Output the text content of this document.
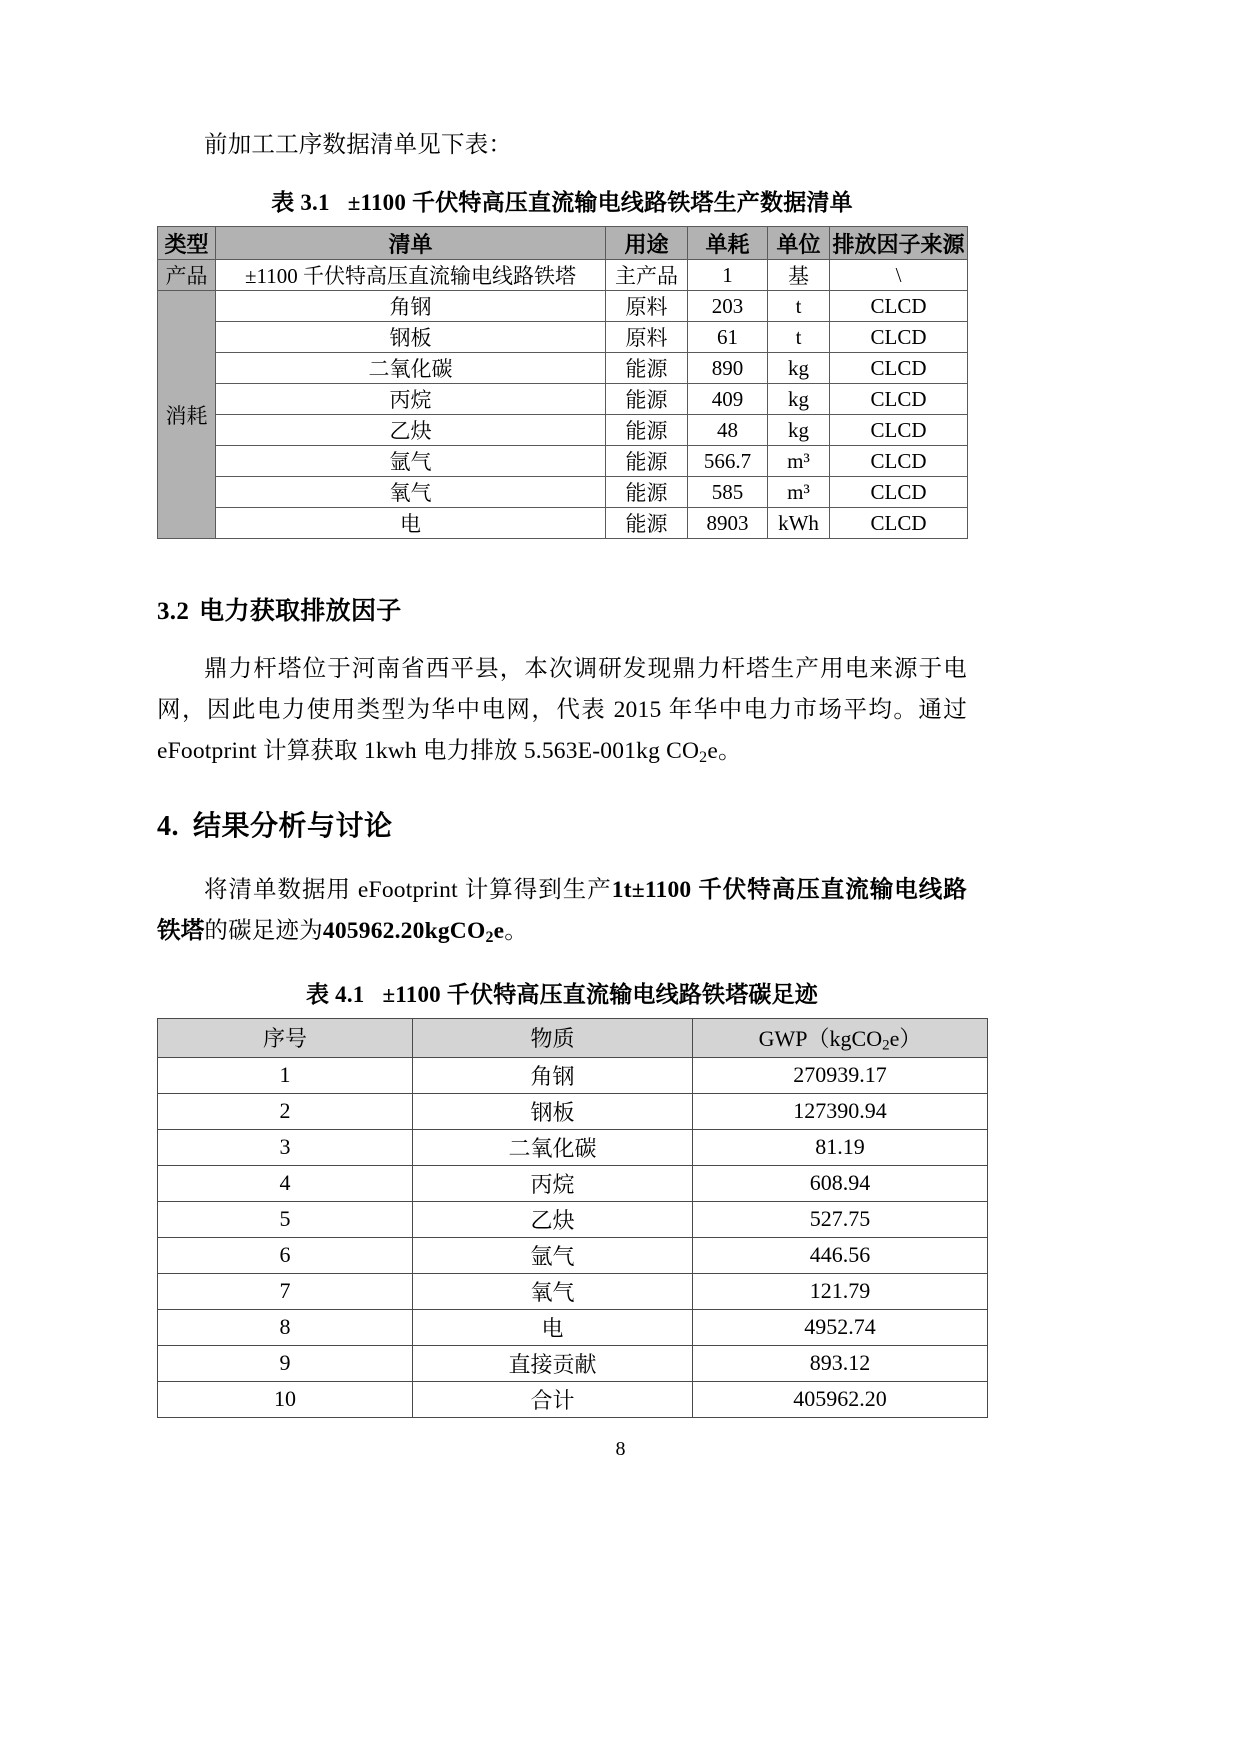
前加工工序数据清单见下表：

表 3.1 ±1100 千伏特高压直流输电线路铁塔生产数据清单
类型	清单	用途	单耗	单位	排放因子来源
产品	±1100 千伏特高压直流输电线路铁塔	主产品	1	基	\
消耗	角钢	原料	203	t	CLCD
	钢板	原料	61	t	CLCD
	二氧化碳	能源	890	kg	CLCD
	丙烷	能源	409	kg	CLCD
	乙炔	能源	48	kg	CLCD
	氩气	能源	566.7	m³	CLCD
	氧气	能源	585	m³	CLCD
	电	能源	8903	kWh	CLCD
3.2 电力获取排放因子

鼎力杆塔位于河南省西平县，本次调研发现鼎力杆塔生产用电来源于电网，因此电力使用类型为华中电网，代表 2015 年华中电力市场平均。通过 eFootprint 计算获取 1kwh 电力排放 5.563E-001kg $CO_2e$。

4. 结果分析与讨论

将清单数据用 eFootprint 计算得到生产1t±1100 千伏特高压直流输电线路铁塔的碳足迹为405962.20kgCO$_2$e。

表 4.1 ±1100 千伏特高压直流输电线路铁塔碳足迹
序号	物质	GWP（kgCO$_2$e）
1	角钢	270939.17
2	钢板	127390.94
3	二氧化碳	81.19
4	丙烷	608.94
5	乙炔	527.75
6	氩气	446.56
7	氧气	121.79
8	电	4952.74
9	直接贡献	893.12
10	合计	405962.20
8
